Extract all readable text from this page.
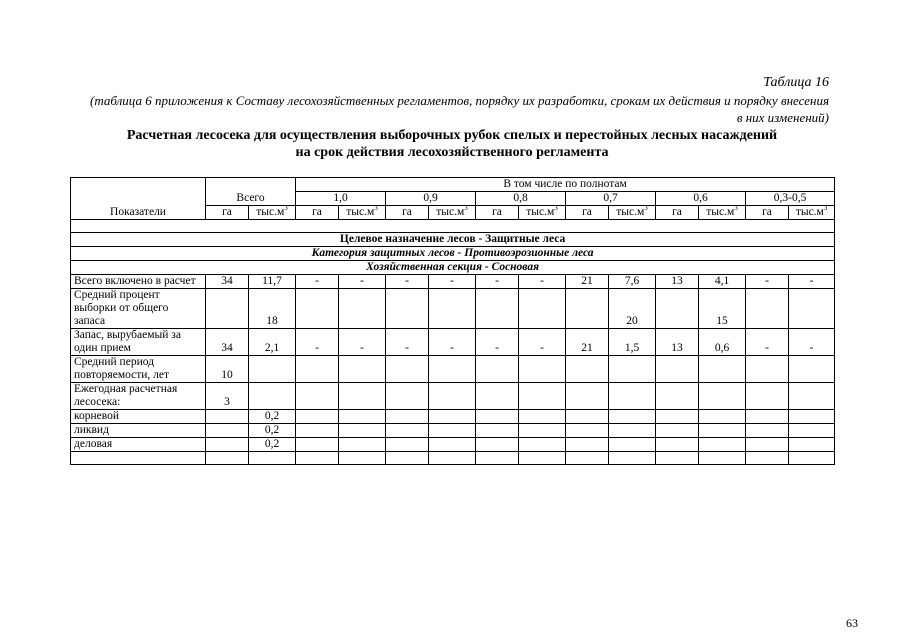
Таблица 16
(таблица 6 приложения к Составу лесохозяйственных регламентов, порядку их разработки, срокам их действия и порядку внесения в них изменений)
Расчетная лесосека для осуществления выборочных рубок спелых и перестойных лесных насаждений
на срок действия лесохозяйственного регламента
Показатели	Всего		В том числе по полнотам											
			1,0		0,9		0,8		0,7		0,6		0,3-0,5	
	га	$тыс.м^3$	га	$тыс.м^3$	га	$тыс.м^3$	га	$тыс.м^3$	га	$тыс.м^3$	га	$тыс.м^3$	га	$тыс.м^3$

Целевое назначение лесов - Защитные леса														
Категория защитных лесов - Противоэрозионные леса														
Хозяйственная секция - Сосновая														
Всего включено в расчет	34	11,7	-	-	-	-	-	-	21	7,6	13	4,1	-	-
Средний процент выборки от общего запаса		18								20		15		
Запас, вырубаемый за один прием	34	2,1	-	-	-	-	-	-	21	1,5	13	0,6	-	-
Средний период повторяемости, лет	10													
Ежегодная расчетная лесосека:	3													
корневой		0,2												
ликвид		0,2												
деловая		0,2												

63
